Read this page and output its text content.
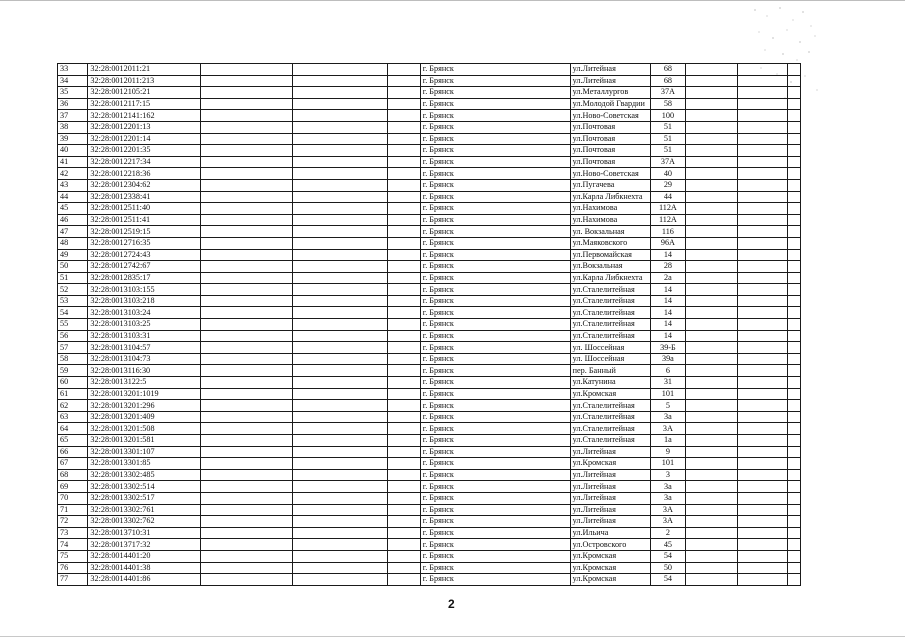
33	32:28:0012011:21				г. Брянск	ул.Литейная	68			
34	32:28:0012011:213				г. Брянск	ул.Литейная	68			
35	32:28:0012105:21				г. Брянск	ул.Металлургов	37А			
36	32:28:0012117:15				г. Брянск	ул.Молодой Гвардии	58			
37	32:28:0012141:162				г. Брянск	ул.Ново-Советская	100			
38	32:28:0012201:13				г. Брянск	ул.Почтовая	51			
39	32:28:0012201:14				г. Брянск	ул.Почтовая	51			
40	32:28:0012201:35				г. Брянск	ул.Почтовая	51			
41	32:28:0012217:34				г. Брянск	ул.Почтовая	37А			
42	32:28:0012218:36				г. Брянск	ул.Ново-Советская	40			
43	32:28:0012304:62				г. Брянск	ул.Пугачева	29			
44	32:28:0012338:41				г. Брянск	ул.Карла Либкнехта	44			
45	32:28:0012511:40				г. Брянск	ул.Нахимова	112А			
46	32:28:0012511:41				г. Брянск	ул.Нахимова	112А			
47	32:28:0012519:15				г. Брянск	ул. Вокзальная	116			
48	32:28:0012716:35				г. Брянск	ул.Маяковского	96А			
49	32:28:0012724:43				г. Брянск	ул.Первомайская	14			
50	32:28:0012742:67				г. Брянск	ул.Вокзальная	28			
51	32:28:0012835:17				г. Брянск	ул.Карла Либкнехта	2а			
52	32:28:0013103:155				г. Брянск	ул.Сталелитейная	14			
53	32:28:0013103:218				г. Брянск	ул.Сталелитейная	14			
54	32:28:0013103:24				г. Брянск	ул.Сталелитейная	14			
55	32:28:0013103:25				г. Брянск	ул.Сталелитейная	14			
56	32:28:0013103:31				г. Брянск	ул.Сталелитейная	14			
57	32:28:0013104:57				г. Брянск	ул. Шоссейная	39-Б			
58	32:28:0013104:73				г. Брянск	ул. Шоссейная	39а			
59	32:28:0013116:30				г. Брянск	пер. Банный	6			
60	32:28:0013122:5				г. Брянск	ул.Катунина	31			
61	32:28:0013201:1019				г. Брянск	ул.Кромская	101			
62	32:28:0013201:296				г. Брянск	ул.Сталелитейная	5			
63	32:28:0013201:409				г. Брянск	ул.Сталелитейная	3а			
64	32:28:0013201:508				г. Брянск	ул.Сталелитейная	3А			
65	32:28:0013201:581				г. Брянск	ул.Сталелитейная	1а			
66	32:28:0013301:107				г. Брянск	ул.Литейная	9			
67	32:28:0013301:85				г. Брянск	ул.Кромская	101			
68	32:28:0013302:485				г. Брянск	ул.Литейная	3			
69	32:28:0013302:514				г. Брянск	ул.Литейная	3а			
70	32:28:0013302:517				г. Брянск	ул.Литейная	3а			
71	32:28:0013302:761				г. Брянск	ул.Литейная	3А			
72	32:28:0013302:762				г. Брянск	ул.Литейная	3А			
73	32:28:0013710:31				г. Брянск	ул.Ильича	2			
74	32:28:0013717:32				г. Брянск	ул.Островского	45			
75	32:28:0014401:20				г. Брянск	ул.Кромская	54			
76	32:28:0014401:38				г. Брянск	ул.Кромская	50			
77	32:28:0014401:86				г. Брянск	ул.Кромская	54			
2
